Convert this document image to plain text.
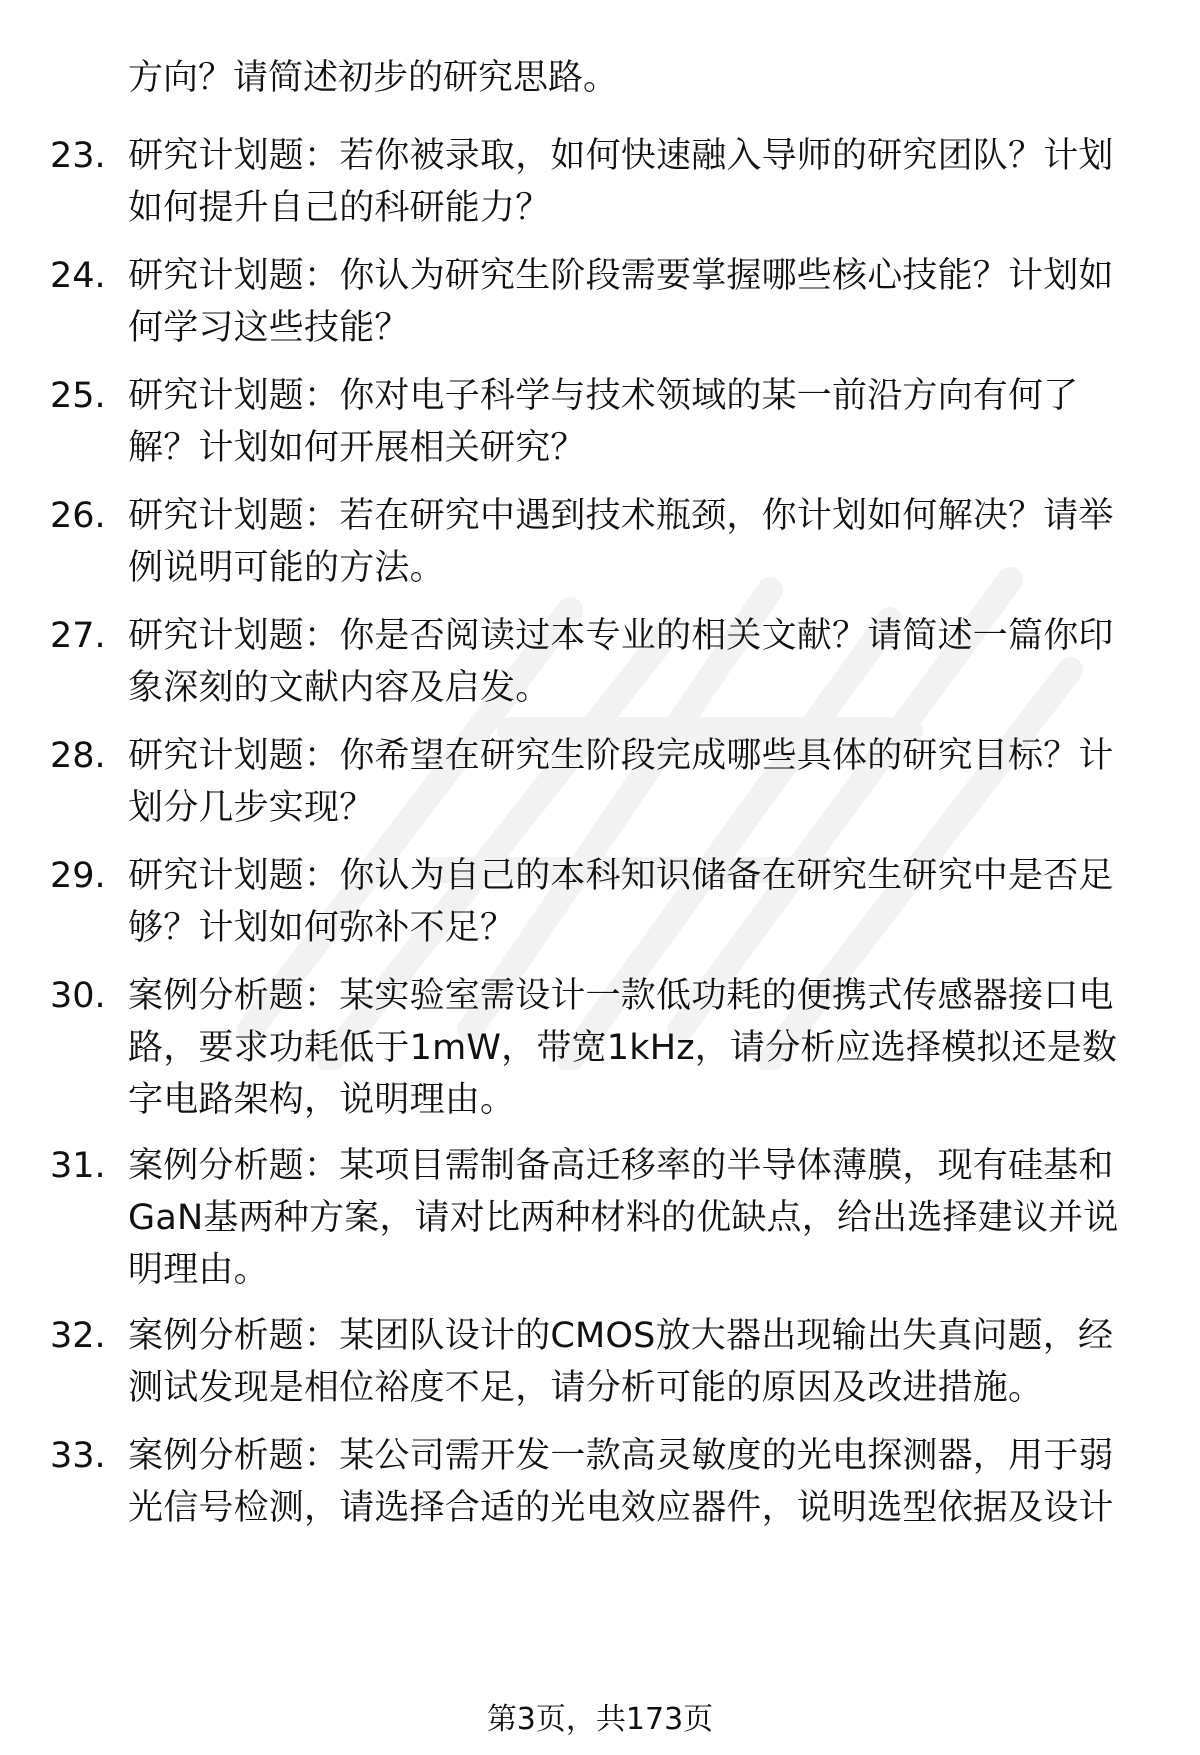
方向？请简述初步的研究思路。
23. 研究计划题：若你被录取，如何快速融入导师的研究团队？计划如何提升自己的科研能力？
24. 研究计划题：你认为研究生阶段需要掌握哪些核心技能？计划如何学习这些技能？
25. 研究计划题：你对电子科学与技术领域的某一前沿方向有何了解？计划如何开展相关研究？
26. 研究计划题：若在研究中遇到技术瓶颈，你计划如何解决？请举例说明可能的方法。
27. 研究计划题：你是否阅读过本专业的相关文献？请简述一篇你印象深刻的文献内容及启发。
28. 研究计划题：你希望在研究生阶段完成哪些具体的研究目标？计划分几步实现？
29. 研究计划题：你认为自己的本科知识储备在研究生研究中是否足够？计划如何弥补不足？
30. 案例分析题：某实验室需设计一款低功耗的便携式传感器接口电路，要求功耗低于1mW，带宽1kHz，请分析应选择模拟还是数字电路架构，说明理由。
31. 案例分析题：某项目需制备高迁移率的半导体薄膜，现有硅基和GaN基两种方案，请对比两种材料的优缺点，给出选择建议并说明理由。
32. 案例分析题：某团队设计的CMOS放大器出现输出失真问题，经测试发现是相位裕度不足，请分析可能的原因及改进措施。
33. 案例分析题：某公司需开发一款高灵敏度的光电探测器，用于弱光信号检测，请选择合适的光电效应器件，说明选型依据及设计
第3页，共173页
